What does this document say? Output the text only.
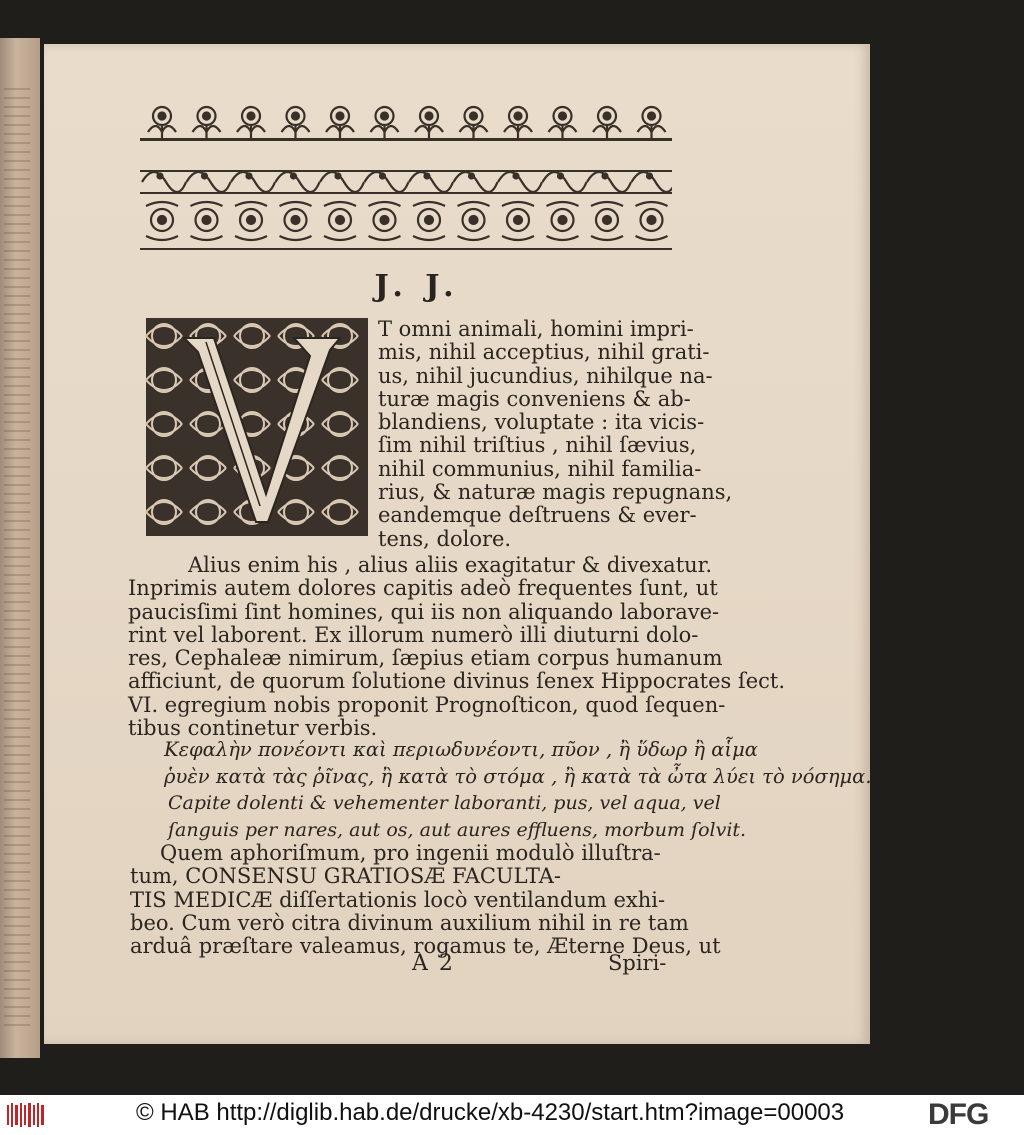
J. J.
T omni animali, homini impri-
mis, nihil acceptius, nihil grati-
us, nihil jucundius, nihilque na-
turæ magis conveniens & ab-
blandiens, voluptate : ita vicis-
ſim nihil triſtius , nihil ſævius,
nihil communius, nihil familia-
rius, & naturæ magis repugnans,
eandemque deſtruens & ever-
tens, dolore.
Alius enim his , alius aliis exagitatur & divexatur.
Inprimis autem dolores capitis adeò frequentes ſunt, ut
paucisſimi ſint homines, qui iis non aliquando laborave-
rint vel laborent. Ex illorum numerò illi diuturni dolo-
res, Cephaleæ nimirum, ſæpius etiam corpus humanum
afficiunt, de quorum ſolutione divinus ſenex Hippocrates ſect.
VI. egregium nobis proponit Prognoſticon, quod ſequen-
tibus continetur verbis.
Κεφαλὴν πονέοντι καὶ περιωδυνέοντι, πῦον , ἢ ὕδωρ ἢ αἷμα
ῥυὲν κατὰ τὰς ῥῖνας, ἢ κατὰ τὸ στόμα , ἢ κατὰ τὰ ὦτα λύει τὸ νόσημα.
Capite dolenti & vehementer laboranti, pus, vel aqua, vel
ſanguis per nares, aut os, aut aures effluens, morbum ſolvit.
Quem aphoriſmum, pro ingenii modulò illuſtra-
tum, CONSENSU GRATIOSÆ FACULTA-
TIS MEDICÆ diſſertationis locò ventilandum exhi-
beo. Cum verò citra divinum auxilium nihil in re tam
arduâ præſtare valeamus, rogamus te, Æterne Deus, ut
A 2	Spiri-
© HAB http://diglib.hab.de/drucke/xb-4230/start.htm?image=00003	DFG
